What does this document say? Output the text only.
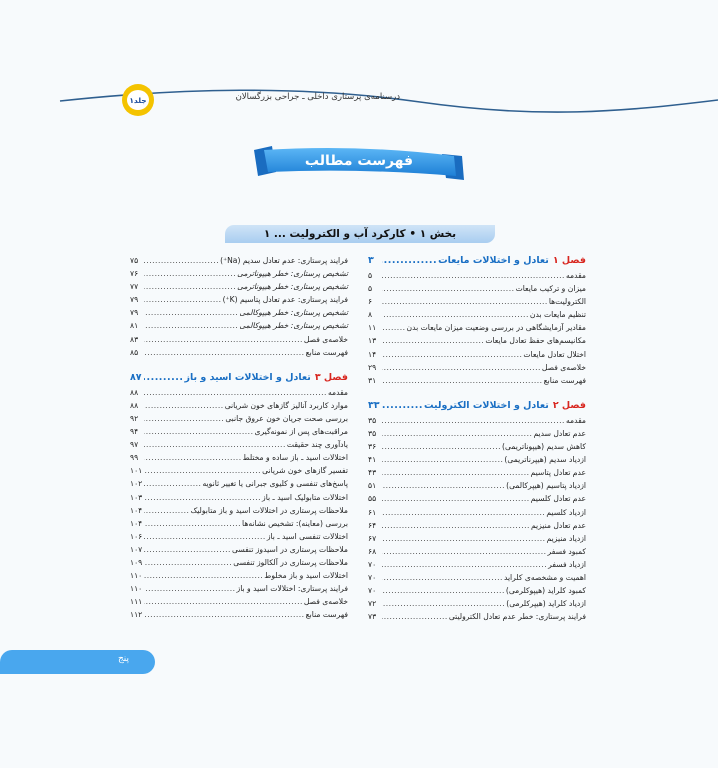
جلد۱	درسنامه‌ی پرستاری داخلی ـ جراحی بزرگسالان
فهرست مطالب
بخش ۱ • کارکرد آب و الکترولیت ... ۱
فصل ۱
تعادل و اختلالات مایعات
.....
۳
مقدمه
.....
۵
میزان و ترکیب مایعات
.....
۵
الکترولیت‌ها
.....
۶
تنظیم مایعات بدن
.....
۸
مقادیر آزمایشگاهی در بررسی وضعیت میزان مایعات بدن
.....
۱۱
مکانیسم‌های حفظ تعادل مایعات
.....
۱۳
اختلال تعادل مایعات
.....
۱۴
خلاصه‌ی فصل
.....
۲۹
فهرست منابع
.....
۳۱
فصل ۲
تعادل و اختلالات الکترولیت
.....
۳۳
مقدمه
.....
۳۵
عدم تعادل سدیم
.....
۳۵
کاهش سدیم (هیپوناتریمی)
.....
۳۶
ازدیاد سدیم (هیپرناتریمی)
.....
۴۱
عدم تعادل پتاسیم
.....
۴۳
ازدیاد پتاسیم (هیپرکالمی)
.....
۵۱
عدم تعادل کلسیم
.....
۵۵
ازدیاد کلسیم
.....
۶۱
عدم تعادل منیزیم
.....
۶۴
ازدیاد منیزیم
.....
۶۷
کمبود فسفر
.....
۶۸
ازدیاد فسفر
.....
۷۰
اهمیت و مشخصه‌ی کلراید
.....
۷۰
کمبود کلراید (هیپوکلرمی)
.....
۷۰
ازدیاد کلراید (هیپرکلرمی)
.....
۷۲
فرایند پرستاری: خطر عدم تعادل الکترولیتی
.....
۷۳
فرایند پرستاری: عدم تعادل سدیم (Na⁺)
.....
۷۵
تشخیص پرستاری: خطر هیپوناترمی
.....
۷۶
تشخیص پرستاری: خطر هیپوناترمی
.....
۷۷
فرایند پرستاری: عدم تعادل پتاسیم (K⁺)
.....
۷۹
تشخیص پرستاری: خطر هیپوکالمی
.....
۷۹
تشخیص پرستاری: خطر هیپوکالمی
.....
۸۱
خلاصه‌ی فصل
.....
۸۳
فهرست منابع
.....
۸۵
فصل ۳
تعادل و اختلالات اسید و باز
.....
۸۷
مقدمه
.....
۸۸
موارد کاربرد آنالیز گازهای خون شریانی
.....
۸۸
بررسی صحت جریان خون عروق جانبی
.....
۹۲
مراقبت‌های پس از نمونه‌گیری
.....
۹۴
یادآوری چند حقیقت
.....
۹۷
اختلالات اسید ـ باز ساده و مختلط
.....
۹۹
تفسیر گازهای خون شریانی
.....
۱۰۱
پاسخ‌های تنفسی و کلیوی جبرانی یا تغییر ثانویه
.....
۱۰۲
اختلالات متابولیک اسید ـ باز
.....
۱۰۳
ملاحظات پرستاری در اختلالات اسید و باز متابولیک
.....
۱۰۴
بررسی (معاینه): تشخیص نشانه‌ها
.....
۱۰۴
اختلالات تنفسی اسید ـ باز
.....
۱۰۶
ملاحظات پرستاری در اسیدوز تنفسی
.....
۱۰۷
ملاحظات پرستاری در آلکالوز تنفسی
.....
۱۰۹
اختلالات اسید و باز مخلوط
.....
۱۱۰
فرایند پرستاری: اختلالات اسید و باز
.....
۱۱۰
خلاصه‌ی فصل
.....
۱۱۱
فهرست منابع
.....
۱۱۲
پنج
